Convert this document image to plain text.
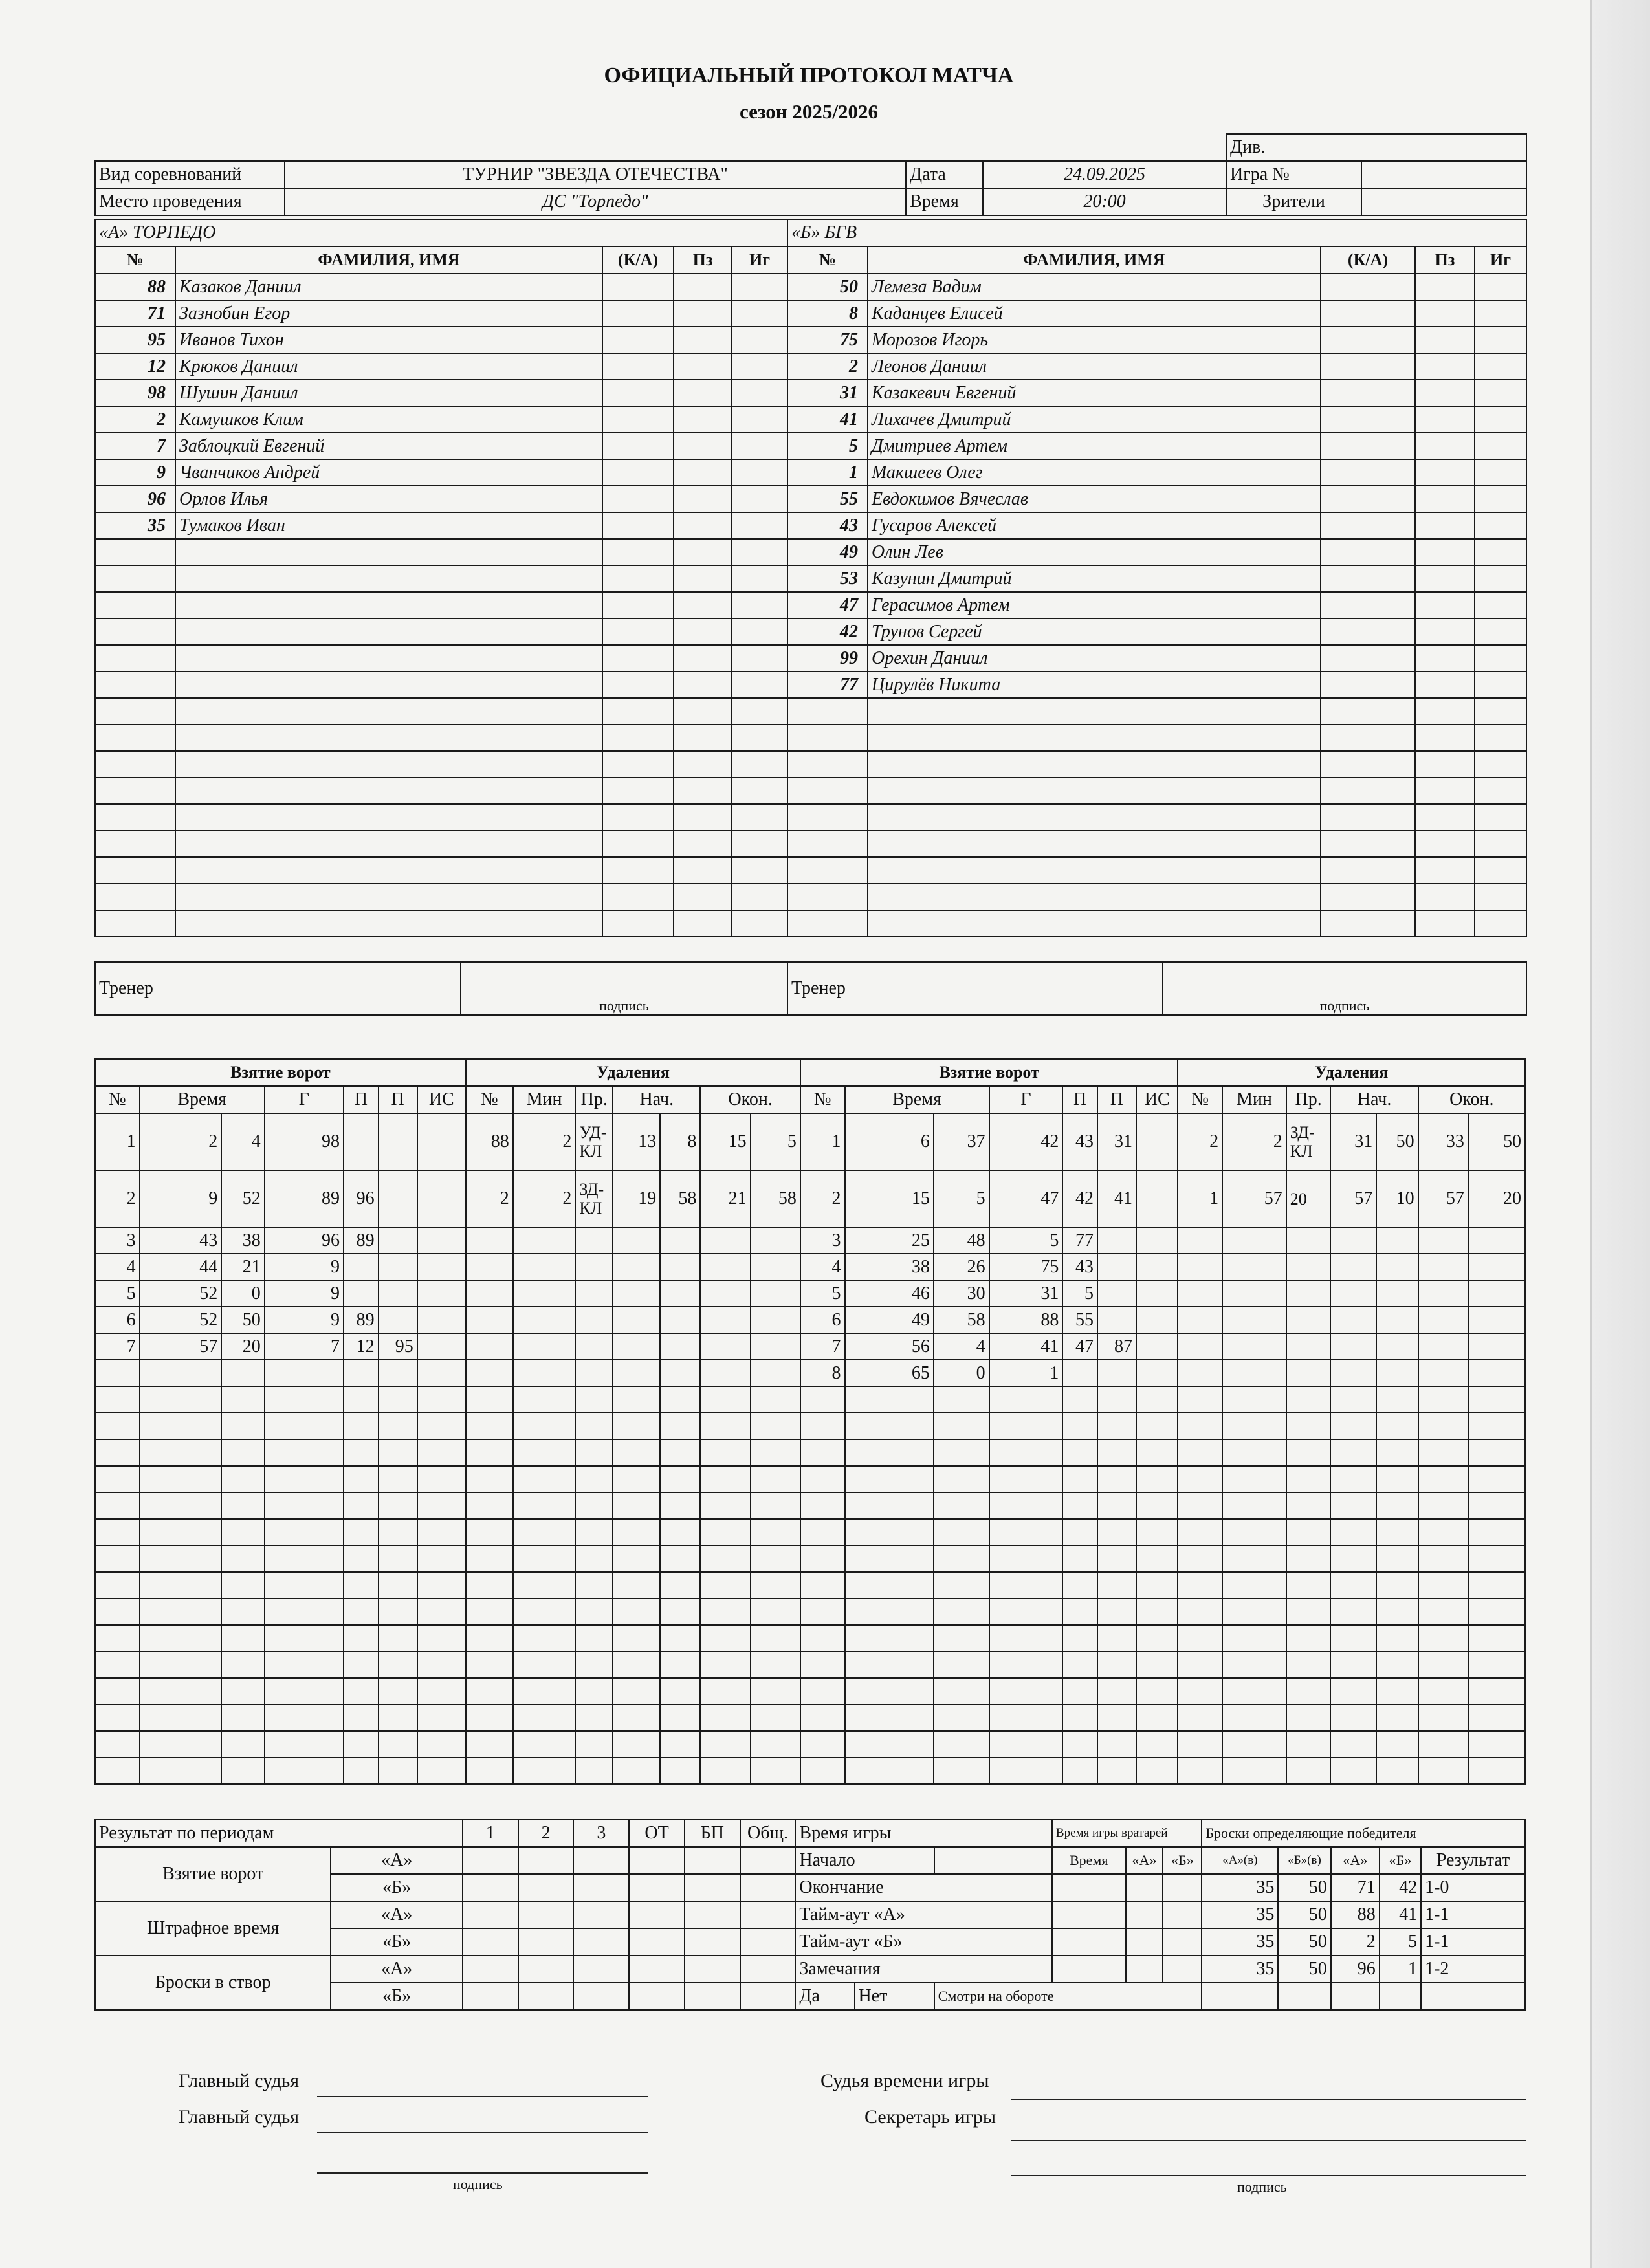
ОФИЦИАЛЬНЫЙ ПРОТОКОЛ МАТЧА
сезон 2025/2026
				Див.	
Вид соревнований	ТУРНИР "ЗВЕЗДА ОТЕЧЕСТВА"	Дата	24.09.2025	Игра №	
Место проведения	ДС "Торпедо"	Время	20:00	Зрители	
«А» ТОРПЕДО				
№	ФАМИЛИЯ, ИМЯ	(К/А)	Пз	Иг
88	Казаков Даниил			
71	Зазнобин Егор			
95	Иванов Тихон			
12	Крюков Даниил			
98	Шушин Даниил			
2	Камушков Клим			
7	Заблоцкий Евгений			
9	Чванчиков Андрей			
96	Орлов Илья			
35	Тумаков Иван			

«Б» БГВ				
№	ФАМИЛИЯ, ИМЯ	(К/А)	Пз	Иг
50	Лемеза Вадим			
8	Каданцев Елисей			
75	Морозов Игорь			
2	Леонов Даниил			
31	Казакевич Евгений			
41	Лихачев Дмитрий			
5	Дмитриев Артем			
1	Макшеев Олег			
55	Евдокимов Вячеслав			
43	Гусаров Алексей			
49	Олин Лев			
53	Казунин Дмитрий			
47	Герасимов Артем			
42	Трунов Сергей			
99	Орехин Даниил			
77	Цирулёв Никита			

Тренер	подпись	Тренер	подпись
Взятие ворот							Удаления							Взятие ворот							Удаления						
№	Время		Г	П	П	ИС	№	Мин	Пр.	Нач.		Окон.		№	Время		Г	П	П	ИС	№	Мин	Пр.	Нач.		Окон.	
1	2	4	98				88	2	УД-КЛ	13	8	15	5	1	6	37	42	43	31		2	2	ЗД-КЛ	31	50	33	50
2	9	52	89	96			2	2	ЗД-КЛ	19	58	21	58	2	15	5	47	42	41		1	57	20	57	10	57	20
3	43	38	96	89										3	25	48	5	77									
4	44	21	9											4	38	26	75	43									
5	52	0	9											5	46	30	31	5									
6	52	50	9	89										6	49	58	88	55									
7	57	20	7	12	95									7	56	4	41	47	87								
														8	65	0	1										

Результат по периодам		1	2	3	ОТ	БП	Общ.	Время игры			Время игры вратарей			Броски определяющие победителя				
Взятие ворот	«А»							Начало			Время	«А»	«Б»	«А»(в)	«Б»(в)	«А»	«Б»	Результат
	«Б»							Окончание						35	50	71	42	1-0
Штрафное время	«А»							Тайм-аут «А»						35	50	88	41	1-1
	«Б»							Тайм-аут «Б»						35	50	2	5	1-1
Броски в створ	«А»							Замечания						35	50	96	1	1-2
	«Б»							Да	Нет	Смотри на обороте								
Главный судья
Главный судья
подпись
Судья времени игры
Секретарь игры
подпись
